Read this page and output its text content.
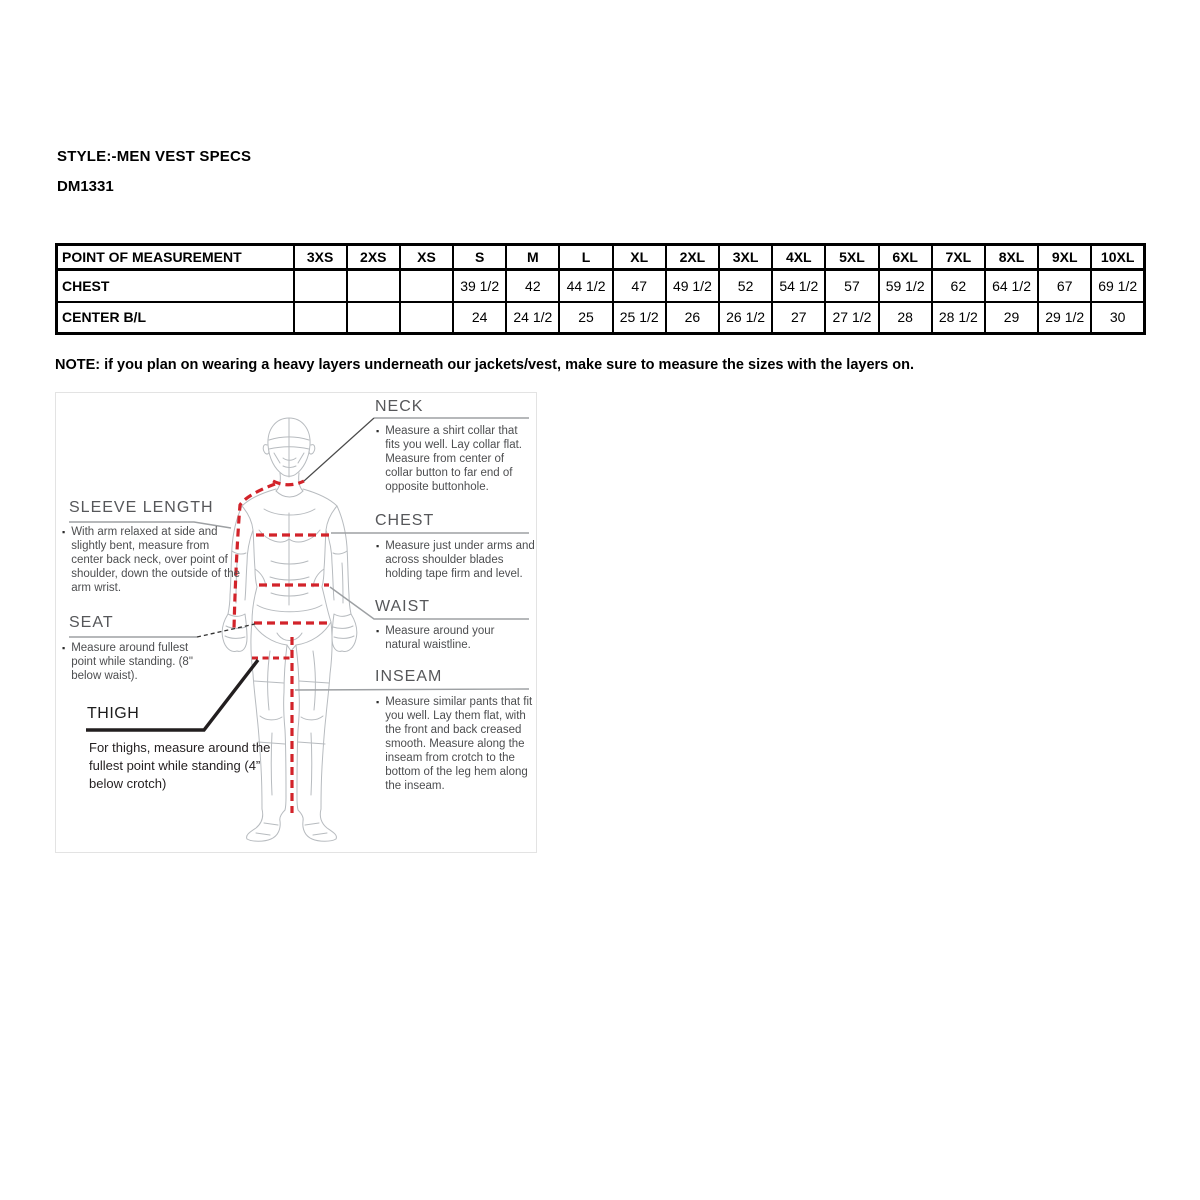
STYLE:-MEN VEST SPECS
DM1331
POINT OF MEASUREMENT	3XS	2XS	XS	S	M	L	XL	2XL	3XL	4XL	5XL	6XL	7XL	8XL	9XL	10XL
CHEST				39 1/2	42	44 1/2	47	49 1/2	52	54 1/2	57	59 1/2	62	64 1/2	67	69 1/2
CENTER B/L				24	24 1/2	25	25 1/2	26	26 1/2	27	27 1/2	28	28 1/2	29	29 1/2	30
NOTE: if you plan on wearing a heavy layers underneath our jackets/vest, make sure to measure the sizes with the layers on.
NECK
▪ Measure a shirt collar that fits you well. Lay collar flat. Measure from center of collar button to far end of opposite buttonhole.
CHEST
▪ Measure just under arms and across shoulder blades holding tape firm and level.
WAIST
▪ Measure around your natural waistline.
INSEAM
▪ Measure similar pants that fit you well. Lay them flat, with the front and back creased smooth. Measure along the inseam from crotch to the bottom of the leg hem along the inseam.
SLEEVE LENGTH
▪ With arm relaxed at side and slightly bent, measure from center back neck, over point of shoulder, down the outside of the arm wrist.
SEAT
▪ Measure around fullest point while standing. (8" below waist).
THIGH
For thighs, measure around the fullest point while standing (4” below crotch)
